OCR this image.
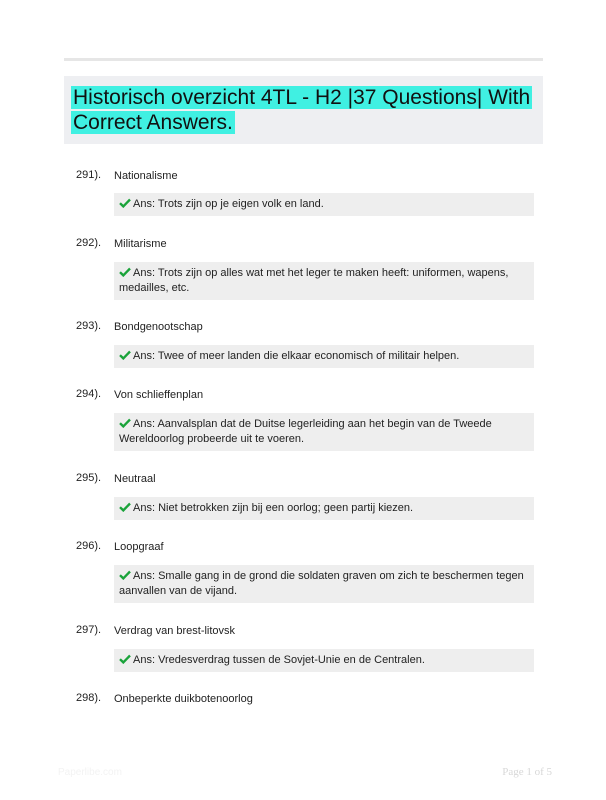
Historisch overzicht 4TL - H2 |37 Questions| With Correct Answers.
291). Nationalisme
Ans: Trots zijn op je eigen volk en land.
292). Militarisme
Ans: Trots zijn op alles wat met het leger te maken heeft: uniformen, wapens, medailles, etc.
293). Bondgenootschap
Ans: Twee of meer landen die elkaar economisch of militair helpen.
294). Von schlieffenplan
Ans: Aanvalsplan dat de Duitse legerleiding aan het begin van de Tweede Wereldoorlog probeerde uit te voeren.
295). Neutraal
Ans: Niet betrokken zijn bij een oorlog; geen partij kiezen.
296). Loopgraaf
Ans: Smalle gang in de grond die soldaten graven om zich te beschermen tegen aanvallen van de vijand.
297). Verdrag van brest-litovsk
Ans: Vredesverdrag tussen de Sovjet-Unie en de Centralen.
298). Onbeperkte duikbotenoorlog
Paperlibe.com	Page 1 of 5
